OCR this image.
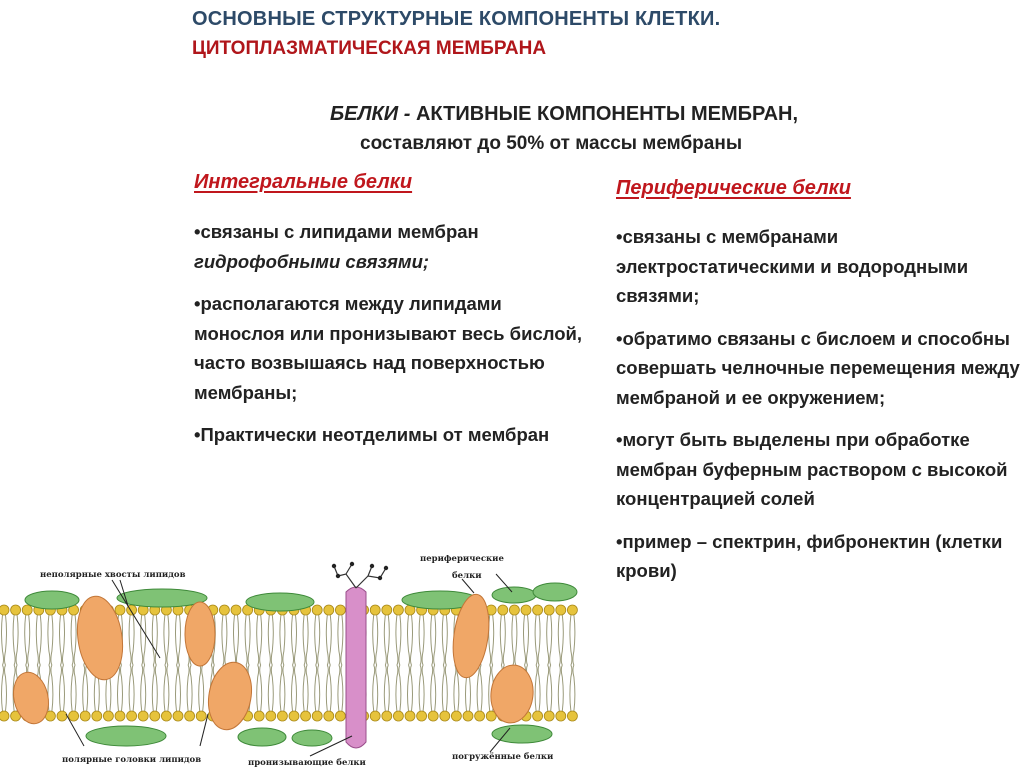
ОСНОВНЫЕ СТРУКТУРНЫЕ КОМПОНЕНТЫ КЛЕТКИ.
ЦИТОПЛАЗМАТИЧЕСКАЯ МЕМБРАНА
БЕЛКИ - АКТИВНЫЕ КОМПОНЕНТЫ МЕМБРАН,
составляют до 50% от массы мембраны
Интегральные белки	Периферические белки

•связаны с липидами мембран гидрофобными связями;

•располагаются между липидами монослоя или пронизывают весь бислой, часто возвышаясь над поверхностью мембраны;

•Практически неотделимы от мембран

•связаны с мембранами электростатическими и водородными связями;

•обратимо связаны с бислоем и способны совершать челночные перемещения между мембраной и ее окружением;

•могут быть выделены при обработке мембран буферным раствором с высокой концентрацией солей

•пример – спектрин, фибронектин (клетки крови)

неполярные хвосты липидов
периферические
белки
полярные головки липидов	пронизывающие белки
погружённые белки
